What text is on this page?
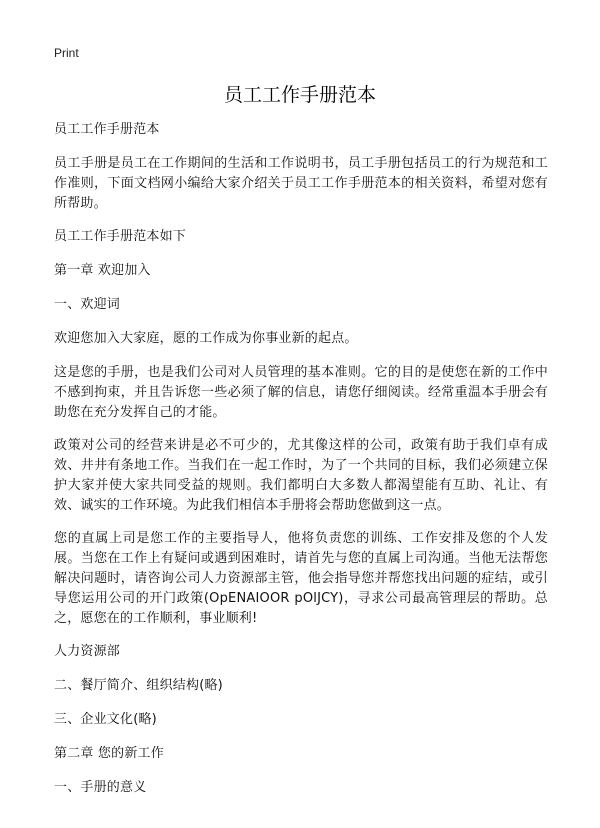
Print
员工工作手册范本

员工工作手册范本

员工手册是员工在工作期间的生活和工作说明书，员工手册包括员工的行为规范和工作准则，下面文档网小编给大家介绍关于员工工作手册范本的相关资料，希望对您有所帮助。

员工工作手册范本如下

第一章 欢迎加入

一、欢迎词

欢迎您加入大家庭，愿的工作成为你事业新的起点。

这是您的手册，也是我们公司对人员管理的基本准则。它的目的是使您在新的工作中不感到拘束，并且告诉您一些必须了解的信息，请您仔细阅读。经常重温本手册会有助您在充分发挥自己的才能。

政策对公司的经营来讲是必不可少的，尤其像这样的公司，政策有助于我们卓有成效、井井有条地工作。当我们在一起工作时，为了一个共同的目标，我们必须建立保护大家并使大家共同受益的规则。我们都明白大多数人都渴望能有互助、礼让、有效、诚实的工作环境。为此我们相信本手册将会帮助您做到这一点。

您的直属上司是您工作的主要指导人，他将负责您的训练、工作安排及您的个人发展。当您在工作上有疑问或遇到困难时，请首先与您的直属上司沟通。当他无法帮您解决问题时，请咨询公司人力资源部主管，他会指导您并帮您找出问题的症结，或引导您运用公司的开门政策(OpENAIOOR pOlJCY)，寻求公司最高管理层的帮助。总之，愿您在的工作顺利，事业顺利!

人力资源部

二、餐厅简介、组织结构(略)

三、企业文化(略)

第二章 您的新工作

一、手册的意义
